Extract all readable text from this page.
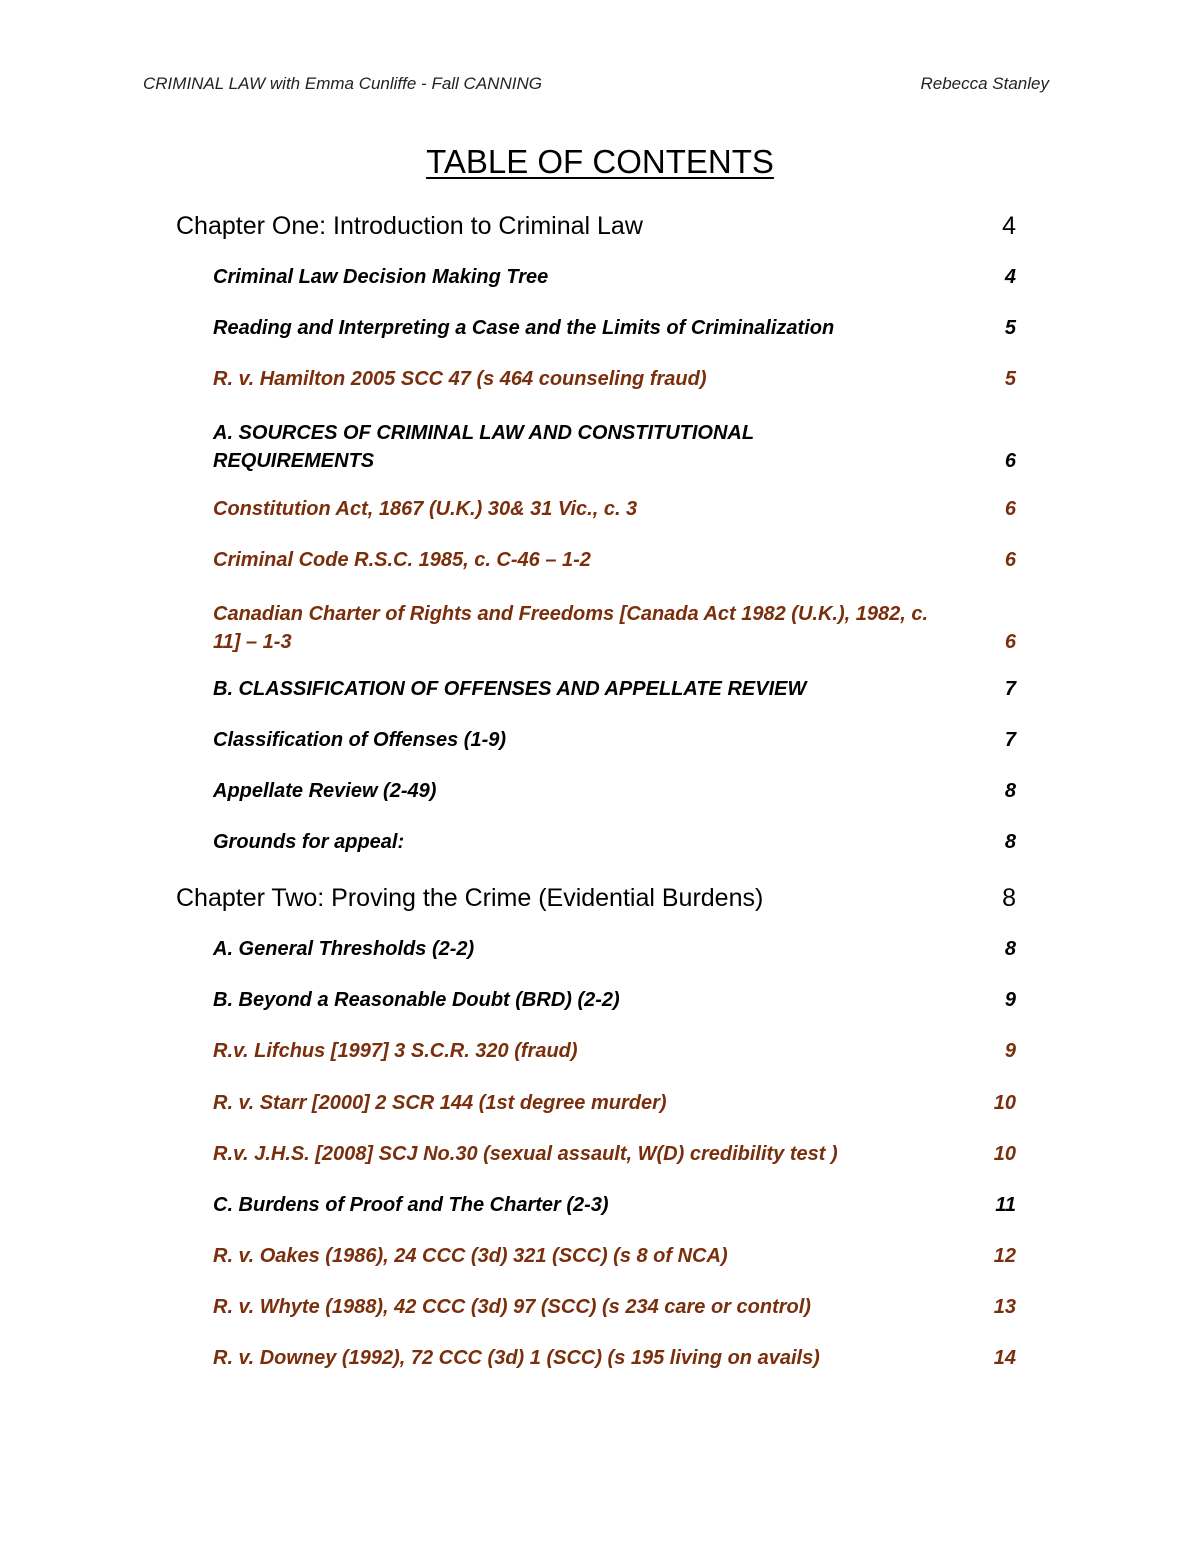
CRIMINAL LAW with Emma Cunliffe - Fall CANNING	Rebecca Stanley
TABLE OF CONTENTS
Chapter One: Introduction to Criminal Law	4
Criminal Law Decision Making Tree	4
Reading and Interpreting a Case and the Limits of Criminalization	5
R. v. Hamilton 2005 SCC 47 (s 464 counseling fraud)	5
A. SOURCES OF CRIMINAL LAW AND CONSTITUTIONAL
REQUIREMENTS	6
Constitution Act, 1867 (U.K.) 30& 31 Vic., c. 3	6
Criminal Code R.S.C. 1985, c. C-46 – 1-2	6
Canadian Charter of Rights and Freedoms [Canada Act 1982 (U.K.), 1982, c.
11] – 1-3	6
B. CLASSIFICATION OF OFFENSES AND APPELLATE REVIEW	7
Classification of Offenses (1-9)	7
Appellate Review (2-49)	8
Grounds for appeal:	8
Chapter Two: Proving the Crime (Evidential Burdens)	8
A. General Thresholds (2-2)	8
B. Beyond a Reasonable Doubt (BRD) (2-2)	9
R.v. Lifchus [1997] 3 S.C.R. 320 (fraud)	9
R. v. Starr [2000] 2 SCR 144 (1st degree murder)	10
R.v. J.H.S. [2008] SCJ No.30 (sexual assault, W(D) credibility test )	10
C. Burdens of Proof and The Charter (2-3)	11
R. v. Oakes (1986), 24 CCC (3d) 321 (SCC) (s 8 of NCA)	12
R. v. Whyte (1988), 42 CCC (3d) 97 (SCC) (s 234 care or control)	13
R. v. Downey (1992), 72 CCC (3d) 1 (SCC) (s 195 living on avails)	14
